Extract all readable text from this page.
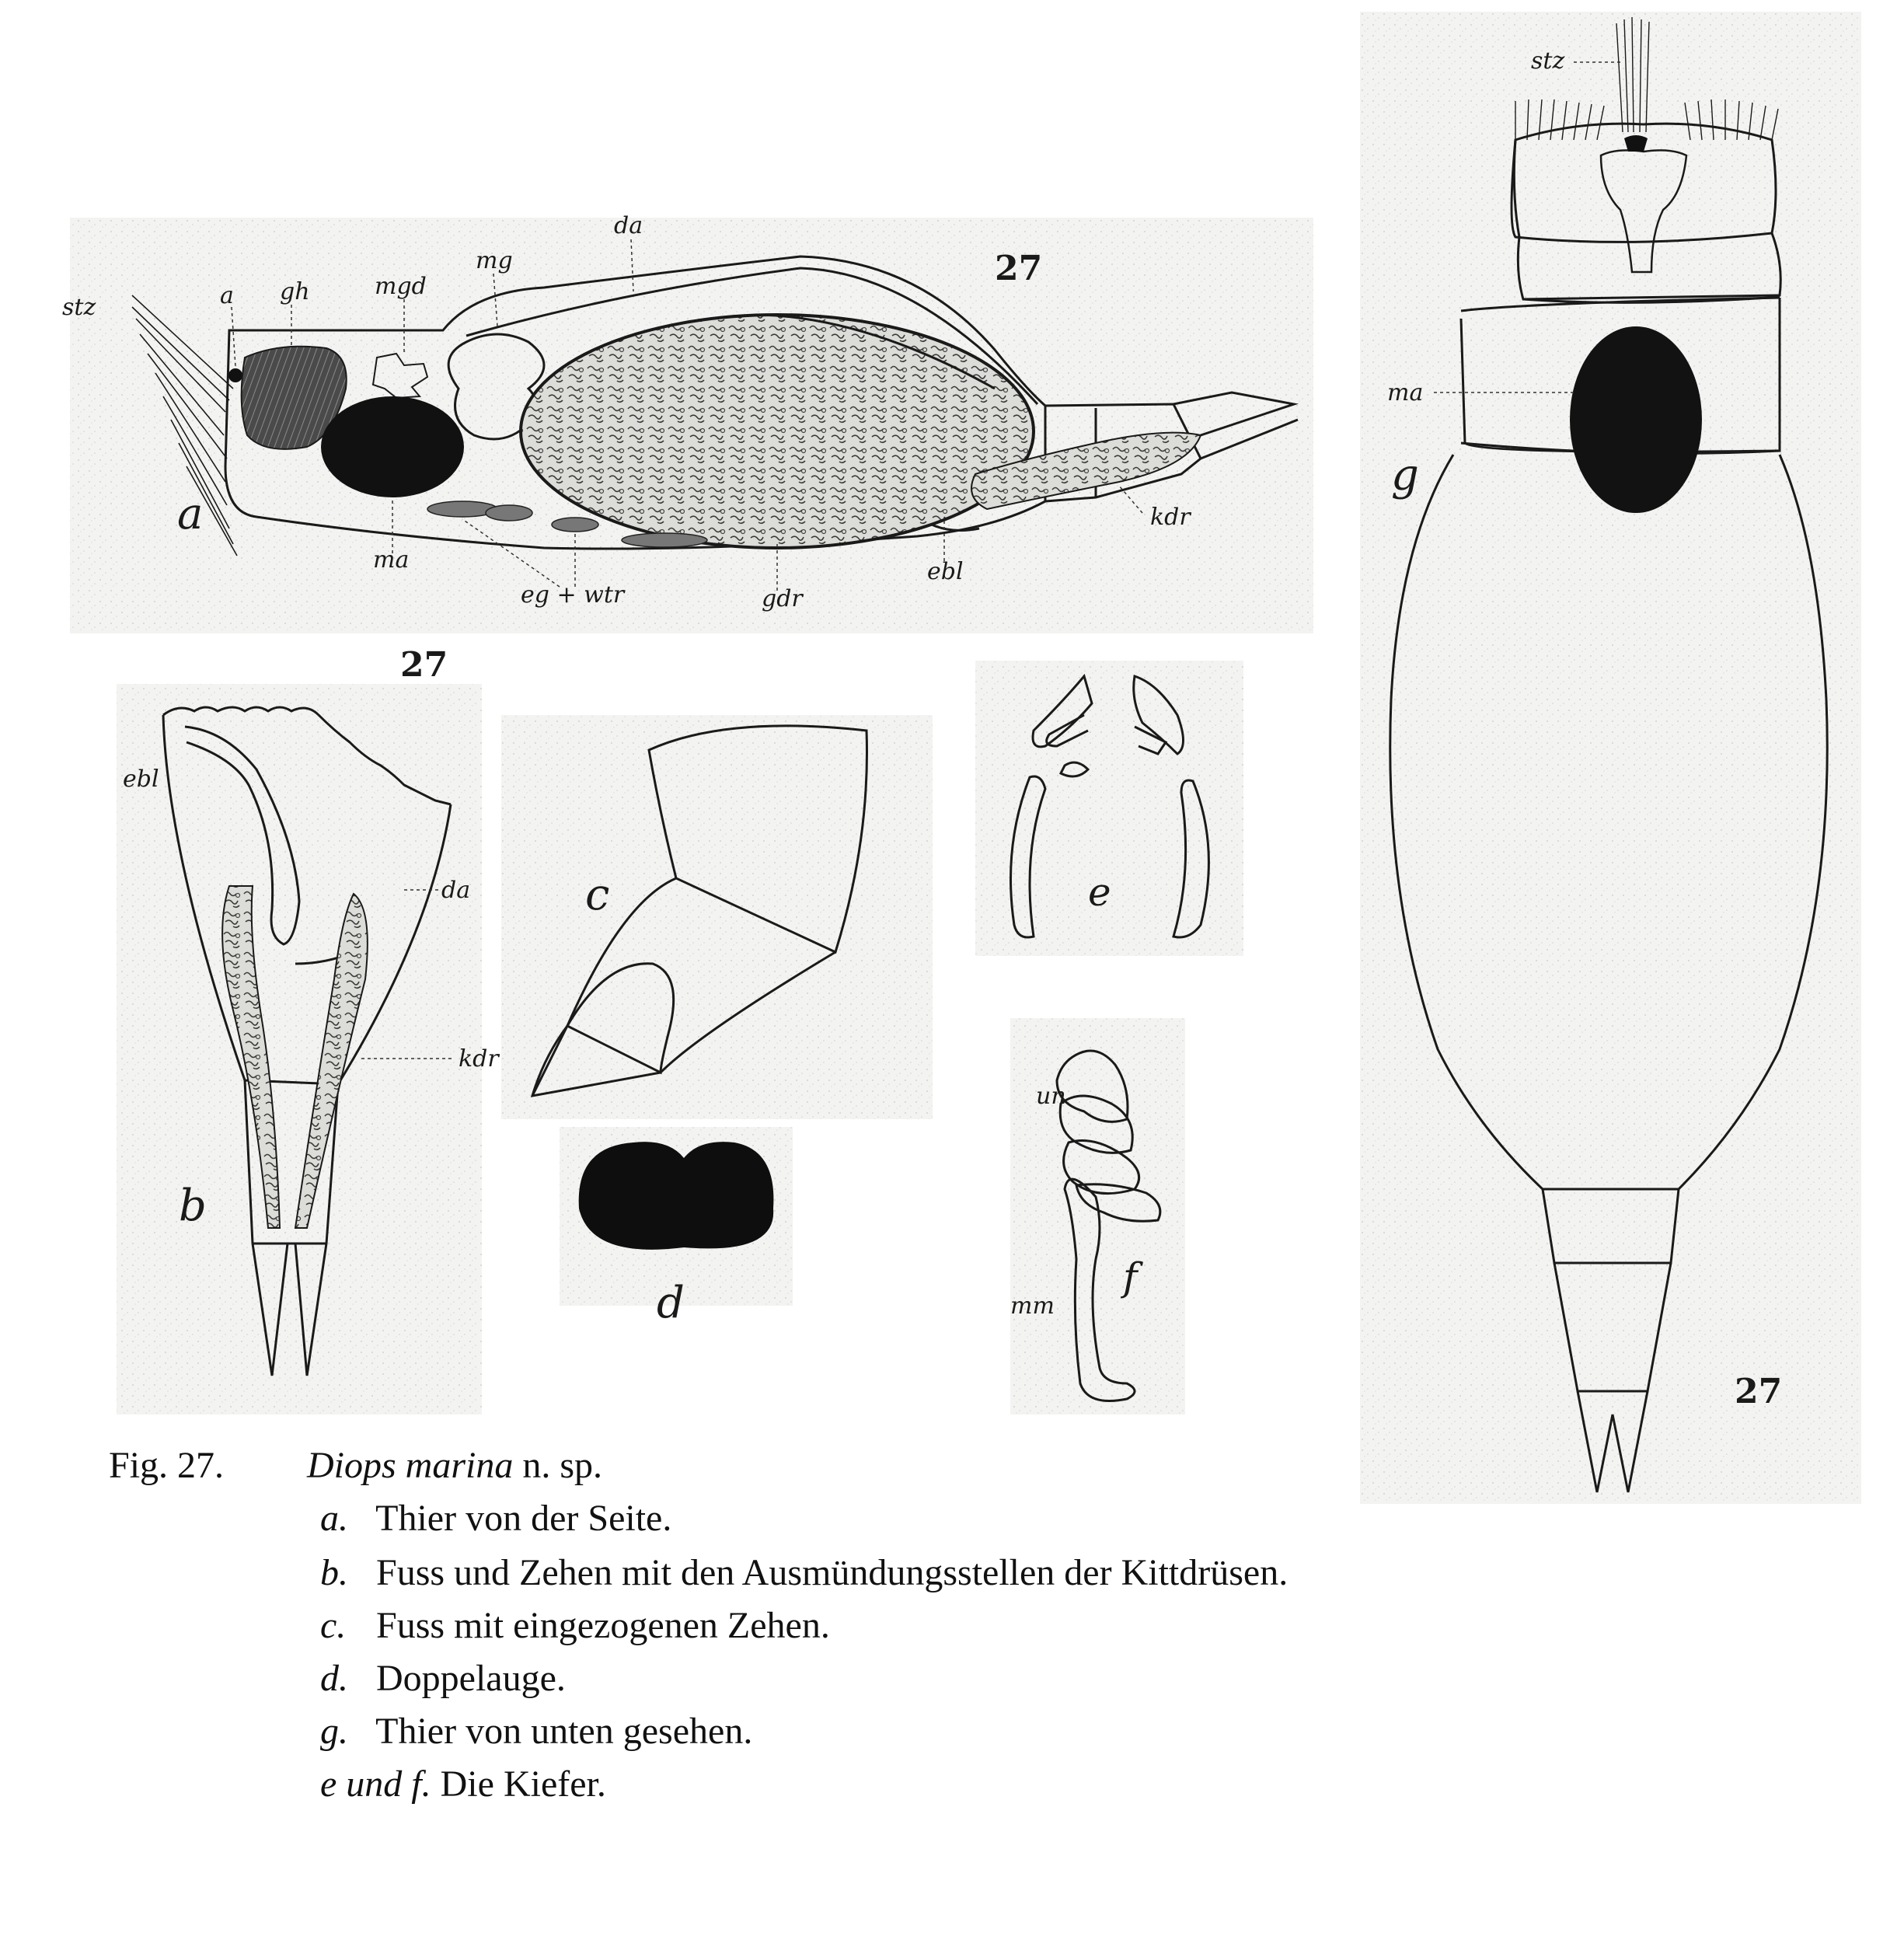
stz	a gh	mgd
mg
da
ma
eg + wtr	gdr
ebl
kdr
a
27
27
ebl
da
kdr
b
c
d
e
un
mm
f
stz
ma
g
27
Fig. 27. Diops marina n. sp.
a. Thier von der Seite.
b. Fuss und Zehen mit den Ausmündungsstellen der Kittdrüsen.
c. Fuss mit eingezogenen Zehen.
d. Doppelauge.
g. Thier von unten gesehen.
e und f. Die Kiefer.
